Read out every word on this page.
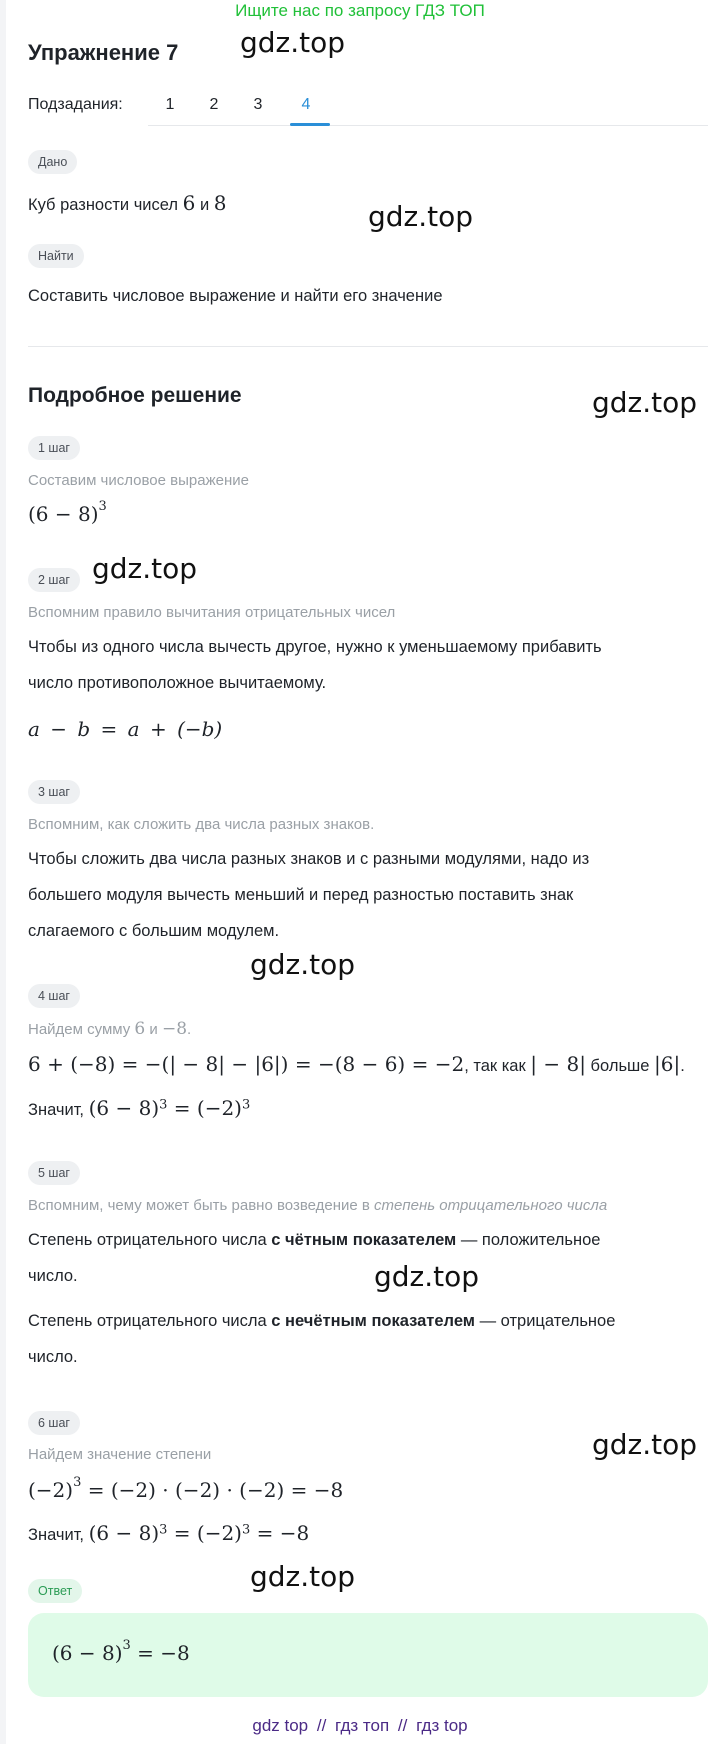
Ищите нас по запросу ГДЗ ТОП
Упражнение 7 gdz.top
Подзадания:	1	2	3	4
Дано
Куб разности чисел 6 и 8	gdz.top
Найти
Составить числовое выражение и найти его значение
Подробное решение	gdz.top
1 шаг
Составим числовое выражение
$(6 - 8)^3$
2 шаг gdz.top
Вспомним правило вычитания отрицательных чисел
Чтобы из одного числа вычесть другое, нужно к уменьшаемому прибавить
число противоположное вычитаемому.
a − b = a + (−b)
3 шаг
Вспомним, как сложить два числа разных знаков.
Чтобы сложить два числа разных знаков и с разными модулями, надо из
большего модуля вычесть меньший и перед разностью поставить знак
слагаемого с большим модулем.
gdz.top
4 шаг
Найдем сумму 6 и −8.
6 + (−8) = −(| − 8| − |6|) = −(8 − 6) = −2, так как | − 8| больше |6|.
Значит, $(6 - 8)^3 = (-2)^3$
5 шаг
Вспомним, чему может быть равно возведение в степень отрицательного числа
Степень отрицательного числа с чётным показателем — положительное
число.	gdz.top
Степень отрицательного числа с нечётным показателем — отрицательное
число.
6 шаг
gdz.top
Найдем значение степени
$(-2)^3 = (-2) \cdot (-2) \cdot (-2) = -8$
Значит, $(6 - 8)^3 = (-2)^3 = -8$
gdz.top
Ответ
$(6 - 8)^3 = -8$
gdz top // гдз топ // гдз top
